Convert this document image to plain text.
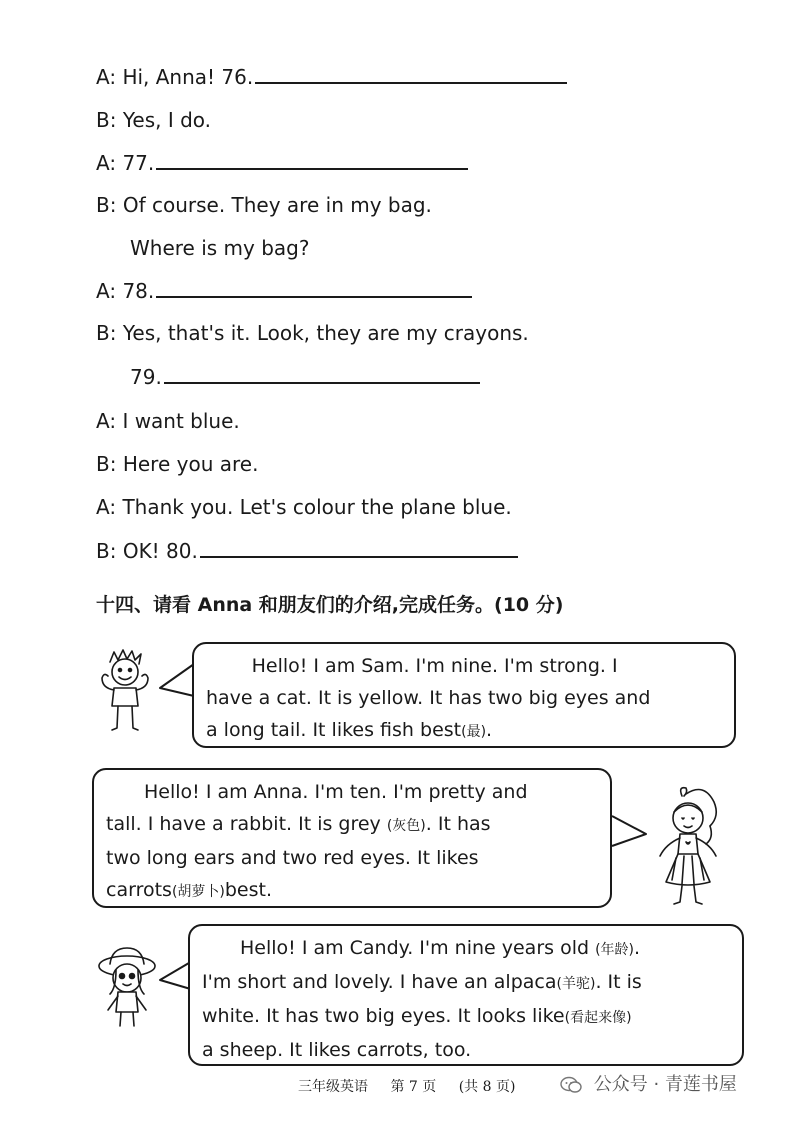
A: Hi, Anna! 76.
B: Yes, I do.
A: 77.
B: Of course. They are in my bag.
Where is my bag?
A: 78.
B: Yes, that's it. Look, they are my crayons.
79.
A: I want blue.
B: Here you are.
A: Thank you. Let's colour the plane blue.
B: OK! 80.
十四、请看 Anna 和朋友们的介绍,完成任务。(10 分)

Hello! I am Sam. I'm nine. I'm strong. I

have a cat. It is yellow. It has two big eyes and

a long tail. It likes fish best(最).

Hello! I am Anna. I'm ten. I'm pretty and

tall. I have a rabbit. It is grey (灰色). It has

two long ears and two red eyes. It likes

carrots(胡萝卜)best.

Hello! I am Candy. I'm nine years old (年龄).

I'm short and lovely. I have an alpaca(羊驼). It is

white. It has two big eyes. It looks like(看起来像)

a sheep. It likes carrots, too.

三年级英语 第 7 页 (共 8 页)	公众号 · 青莲书屋
